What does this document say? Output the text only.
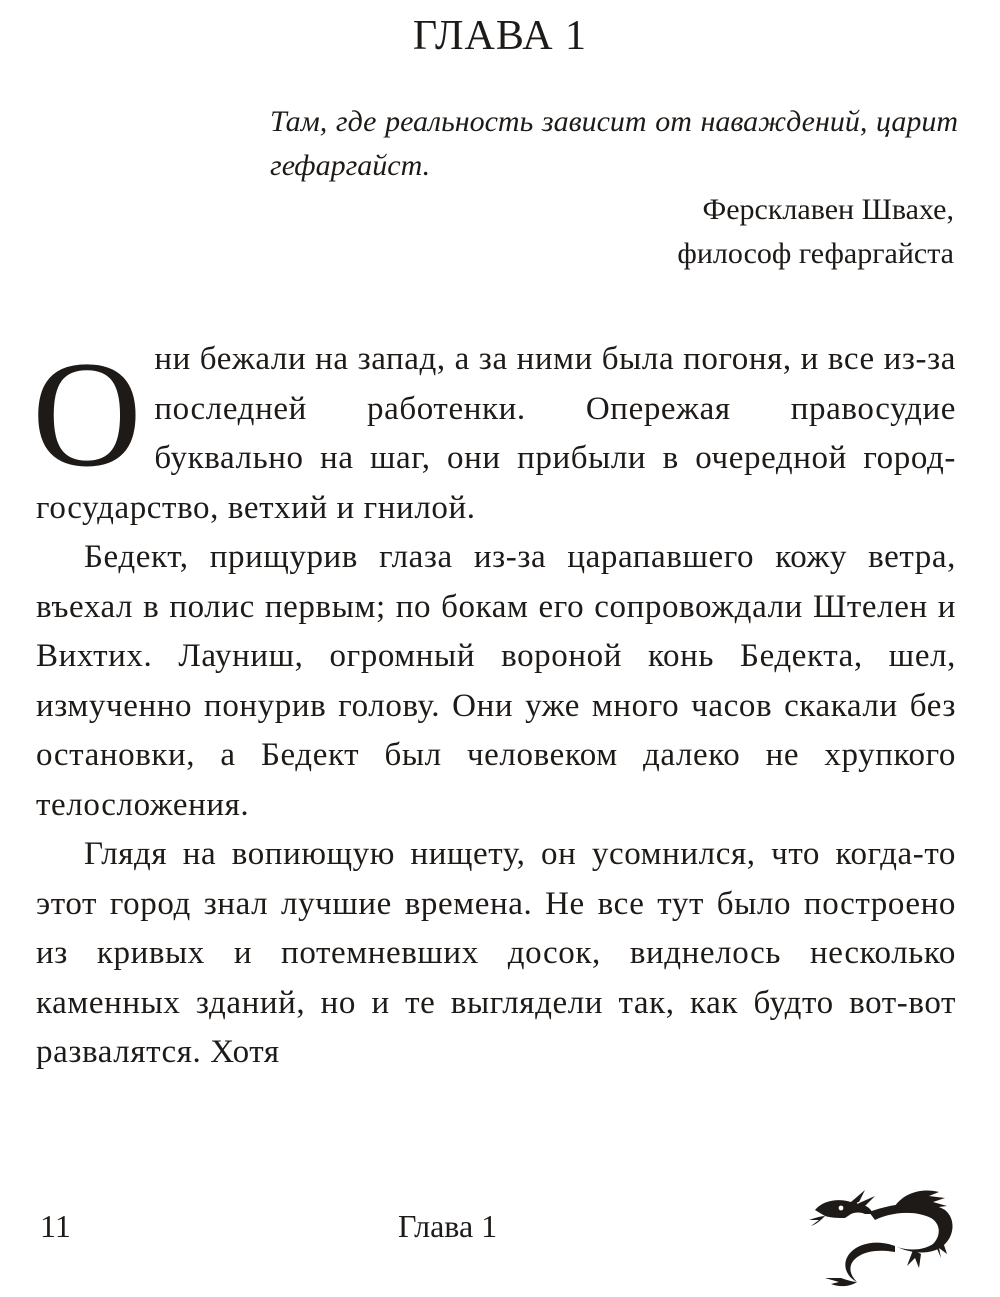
ГЛАВА 1

Там, где реальность зависит от наваждений, царит гефаргайст.

Ферсклавен Швахе,

философ гефаргайста

Они бежали на запад, а за ними была погоня, и все из-за последней работенки. Опережая правосудие буквально на шаг, они прибыли в очередной город-государство, ветхий и гнилой.

Бедект, прищурив глаза из-за царапавшего кожу ветра, въехал в полис первым; по бокам его сопровождали Штелен и Вихтих. Лауниш, огромный вороной конь Бедекта, шел, измученно понурив голову. Они уже много часов скакали без остановки, а Бедект был человеком далеко не хрупкого телосложения.

Глядя на вопиющую нищету, он усомнился, что когда-то этот город знал лучшие времена. Не все тут было построено из кривых и потемневших досок, виднелось несколько каменных зданий, но и те выглядели так, как будто вот-вот развалятся. Хотя

11	Глава 1
